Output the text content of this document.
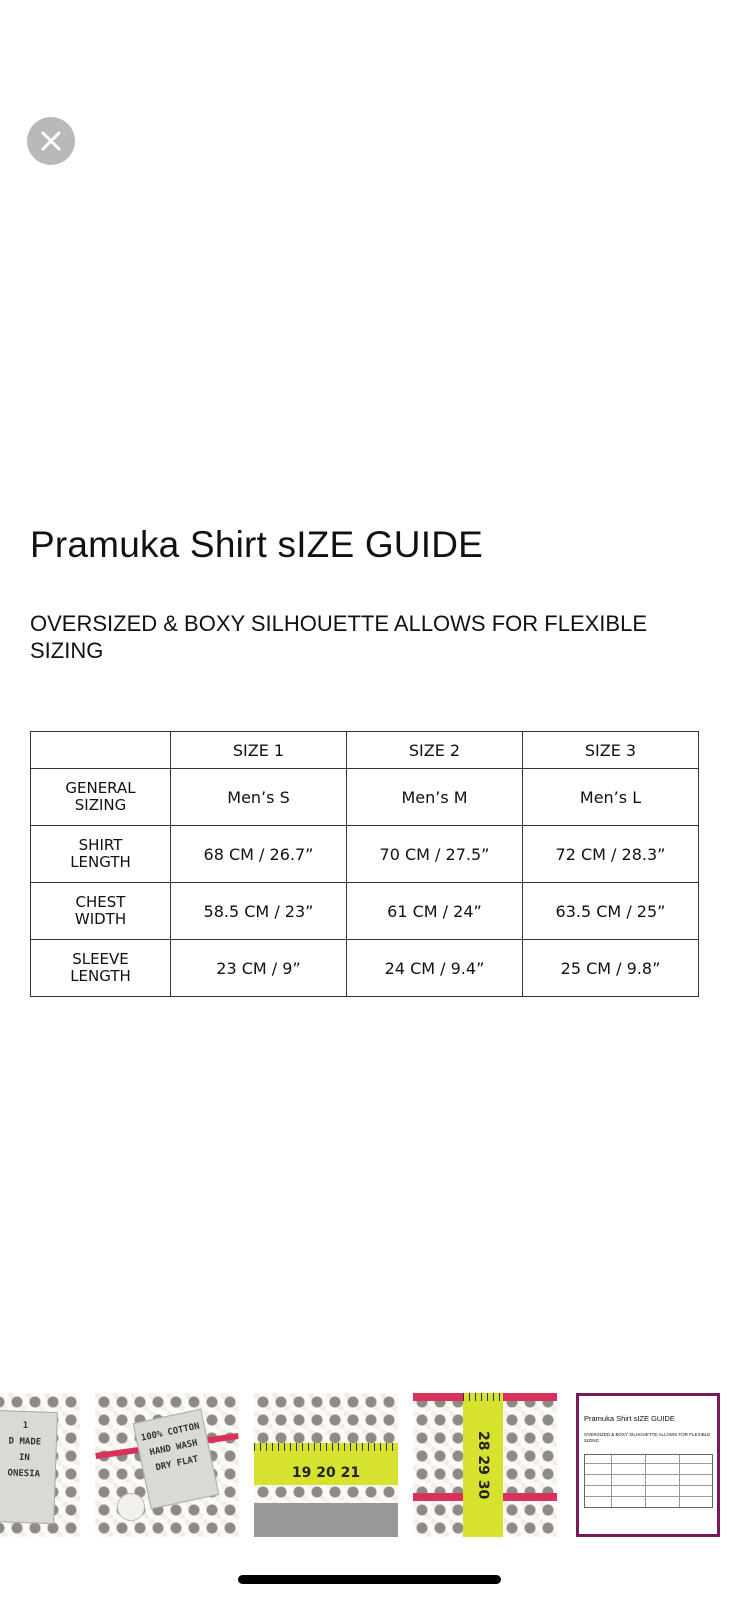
Pramuka Shirt sIZE GUIDE
OVERSIZED & BOXY SILHOUETTE ALLOWS FOR FLEXIBLE SIZING
	SIZE 1	SIZE 2	SIZE 3

GENERAL SIZING	Men’s S	Men’s M	Men’s L

SHIRT LENGTH	68 CM / 26.7”	70 CM / 27.5”	72 CM / 28.3”

CHEST WIDTH	58.5 CM / 23”	61 CM / 24”	63.5 CM / 25”

SLEEVE LENGTH	23 CM / 9”	24 CM / 9.4”	25 CM / 9.8”
1
D MADE
IN
ONESIA
100% COTTON
HAND WASH
DRY FLAT	19 20 21	28 29 30
Pramuka Shirt sIZE GUIDE
OVERSIZED & BOXY SILHOUETTE ALLOWS FOR FLEXIBLE SIZING
